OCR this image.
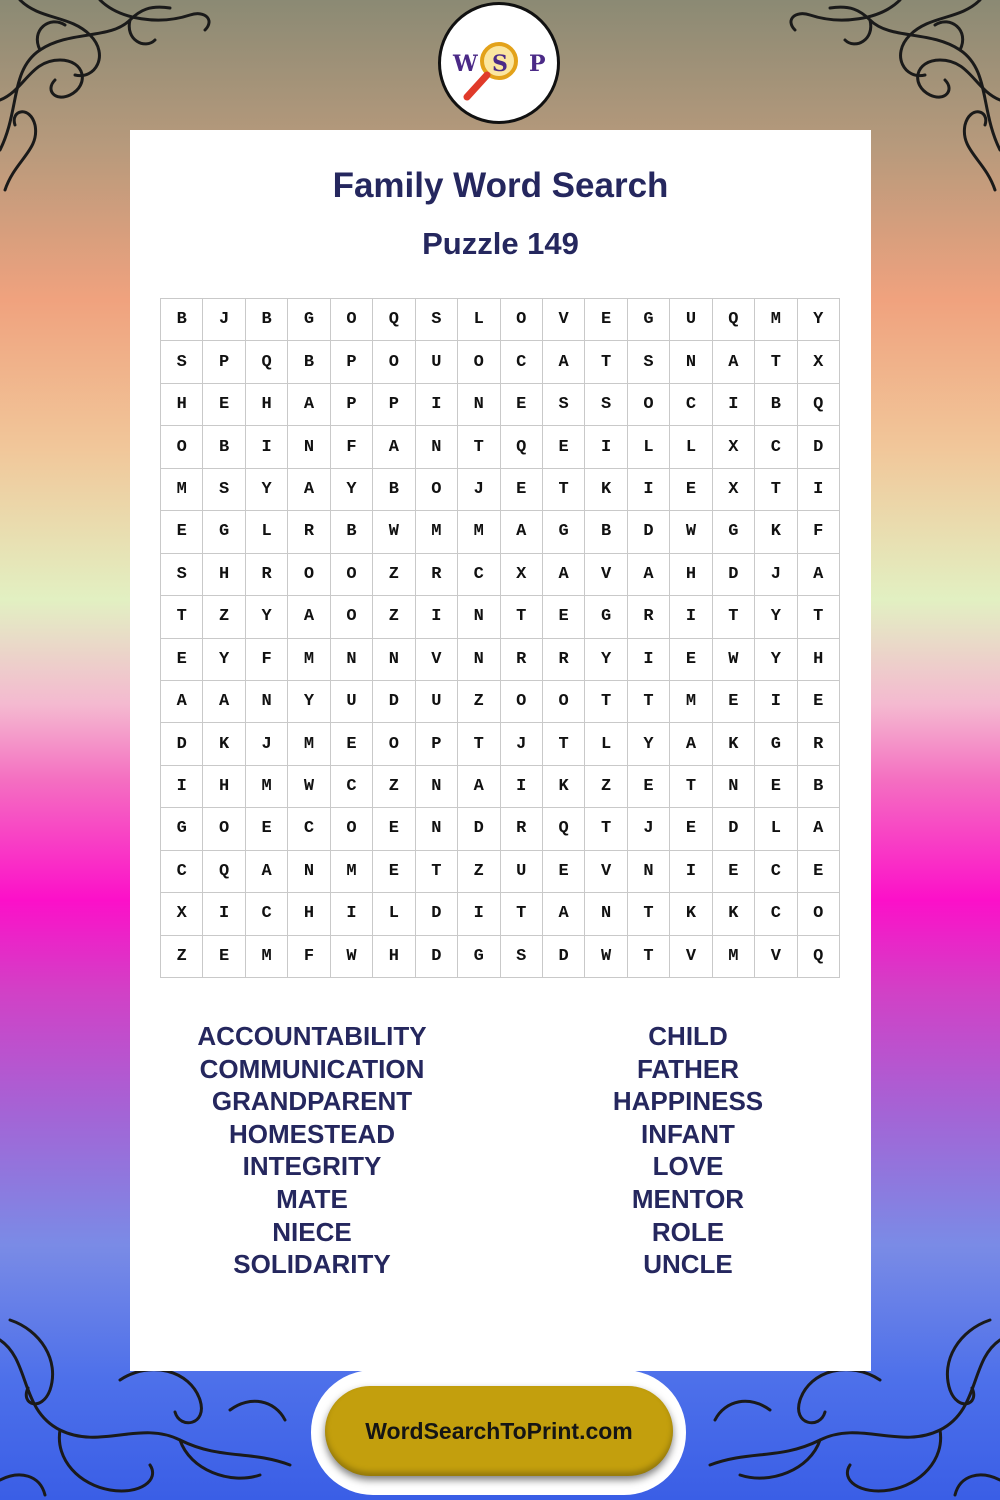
W S P
Family Word Search
Puzzle 149
B	J	B	G	O	Q	S	L	O	V	E	G	U	Q	M	Y
S	P	Q	B	P	O	U	O	C	A	T	S	N	A	T	X
H	E	H	A	P	P	I	N	E	S	S	O	C	I	B	Q
O	B	I	N	F	A	N	T	Q	E	I	L	L	X	C	D
M	S	Y	A	Y	B	O	J	E	T	K	I	E	X	T	I
E	G	L	R	B	W	M	M	A	G	B	D	W	G	K	F
S	H	R	O	O	Z	R	C	X	A	V	A	H	D	J	A
T	Z	Y	A	O	Z	I	N	T	E	G	R	I	T	Y	T
E	Y	F	M	N	N	V	N	R	R	Y	I	E	W	Y	H
A	A	N	Y	U	D	U	Z	O	O	T	T	M	E	I	E
D	K	J	M	E	O	P	T	J	T	L	Y	A	K	G	R
I	H	M	W	C	Z	N	A	I	K	Z	E	T	N	E	B
G	O	E	C	O	E	N	D	R	Q	T	J	E	D	L	A
C	Q	A	N	M	E	T	Z	U	E	V	N	I	E	C	E
X	I	C	H	I	L	D	I	T	A	N	T	K	K	C	O
Z	E	M	F	W	H	D	G	S	D	W	T	V	M	V	Q
ACCOUNTABILITY
COMMUNICATION
GRANDPARENT
HOMESTEAD
INTEGRITY
MATE
NIECE
SOLIDARITY
CHILD
FATHER
HAPPINESS
INFANT
LOVE
MENTOR
ROLE
UNCLE
WordSearchToPrint.com
